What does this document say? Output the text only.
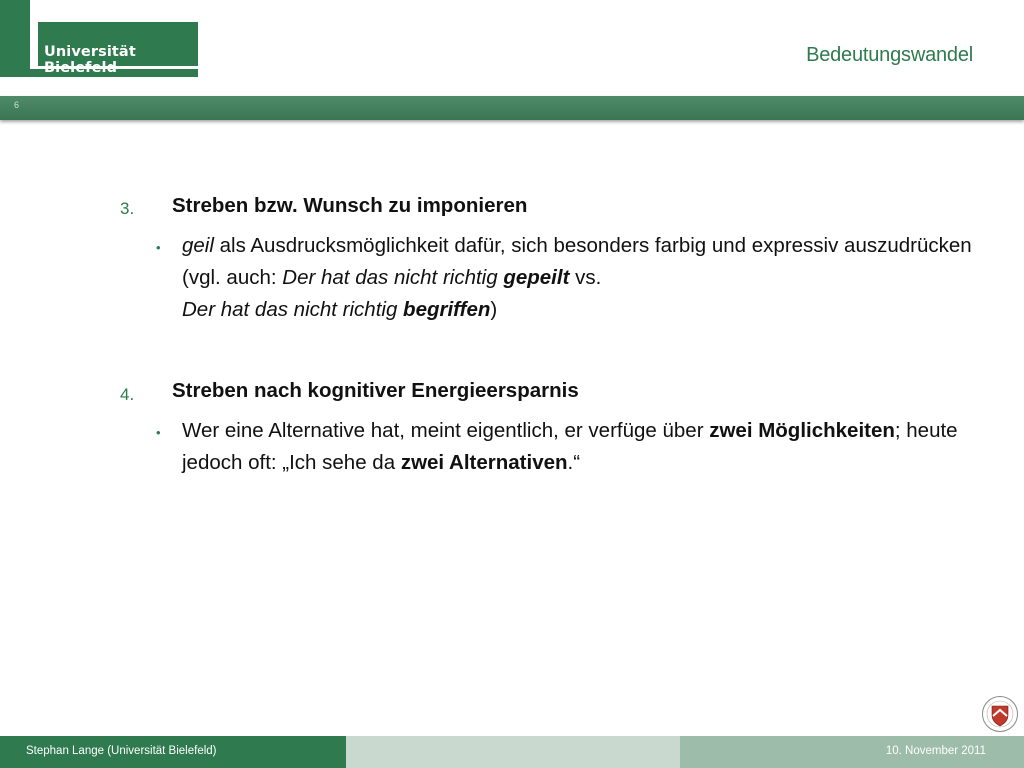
Universität Bielefeld
Bedeutungswandel
6
3. Streben bzw. Wunsch zu imponieren
• geil als Ausdrucksmöglichkeit dafür, sich besonders farbig und expressiv auszudrücken (vgl. auch: Der hat das nicht richtig gepeilt vs.
Der hat das nicht richtig begriffen)
4. Streben nach kognitiver Energieersparnis
• Wer eine Alternative hat, meint eigentlich, er verfüge über zwei Möglichkeiten; heute jedoch oft: „Ich sehe da zwei Alternativen.“
Stephan Lange (Universität Bielefeld)	10. November 2011
